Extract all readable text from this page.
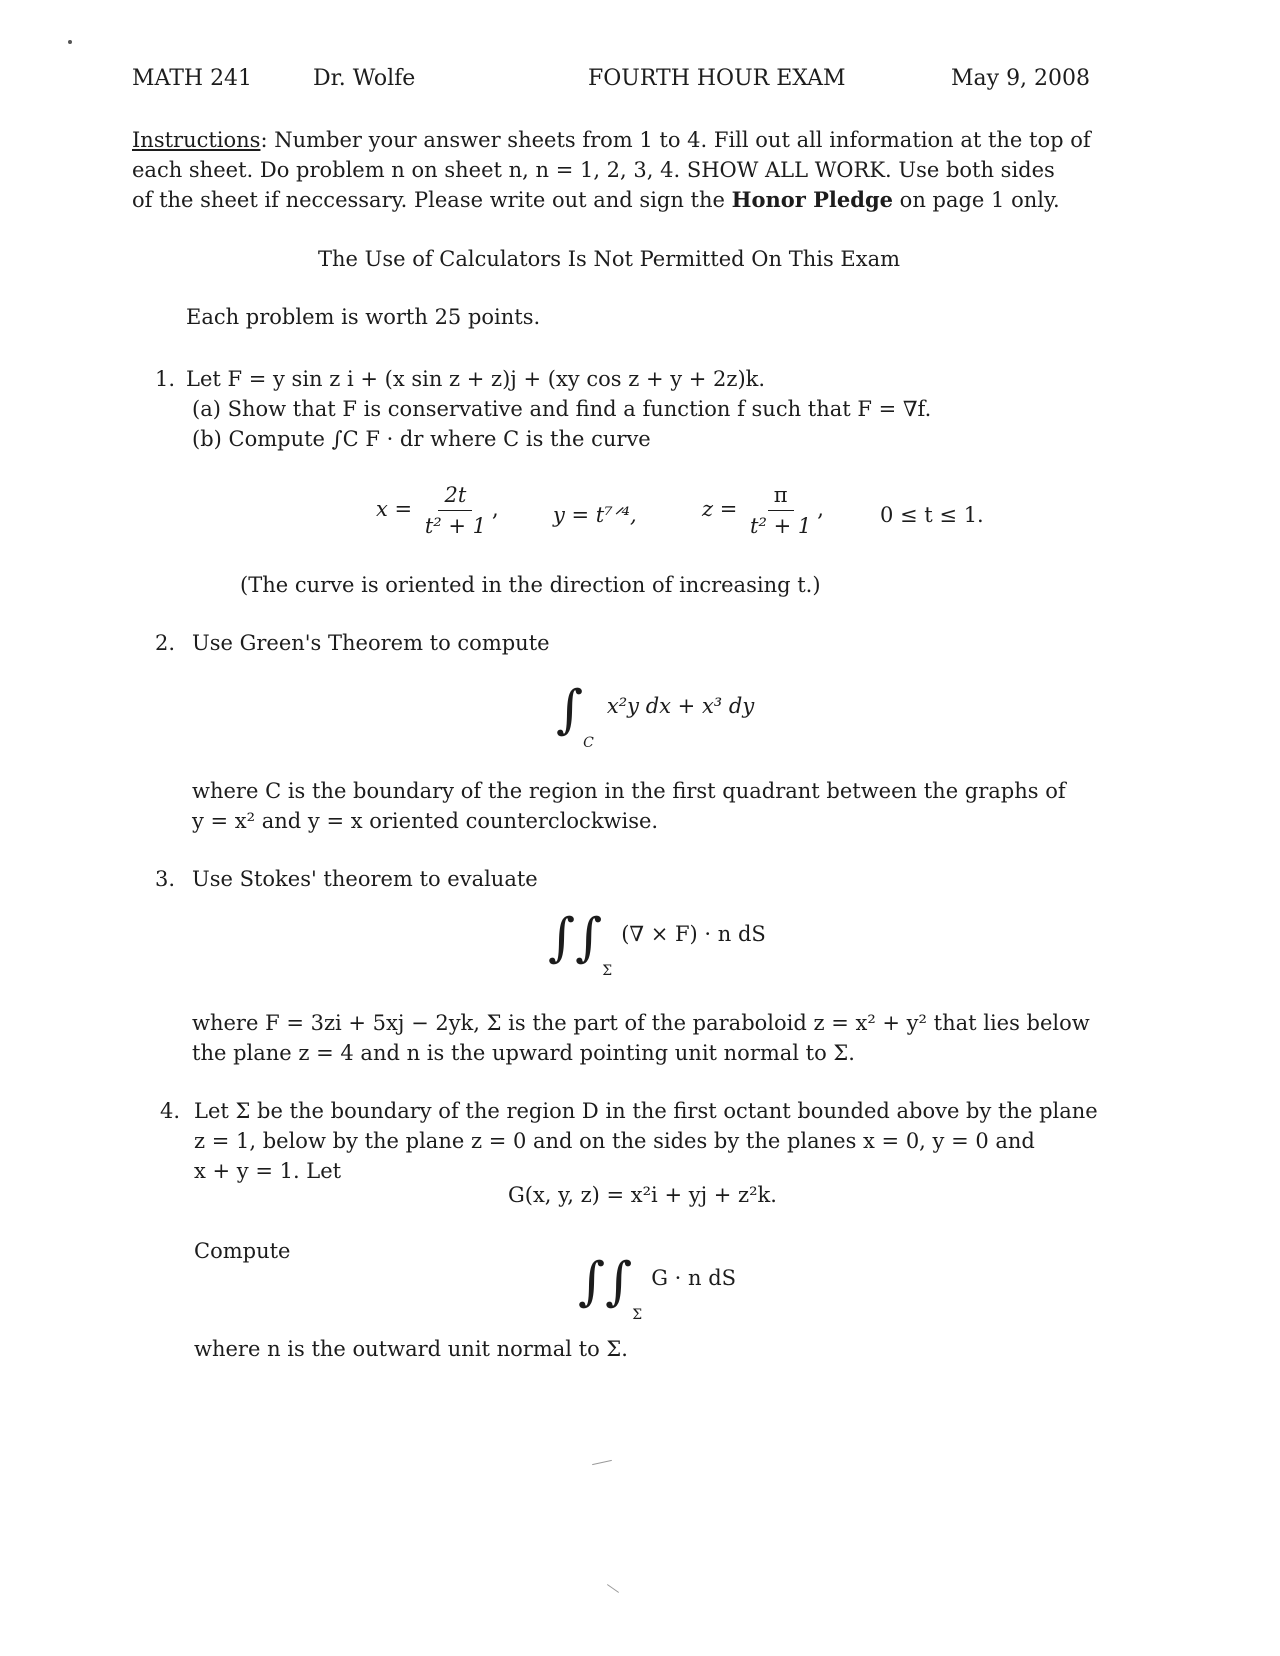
MATH 241	Dr. Wolfe	FOURTH HOUR EXAM	May 9, 2008
Instructions: Number your answer sheets from 1 to 4. Fill out all information at the top of
each sheet. Do problem n on sheet n, n = 1, 2, 3, 4. SHOW ALL WORK. Use both sides
of the sheet if neccessary. Please write out and sign the Honor Pledge on page 1 only.
The Use of Calculators Is Not Permitted On This Exam
Each problem is worth 25 points.
1. Let F = y sin z i + (x sin z + z)j + (xy cos z + y + 2z)k.
(a) Show that F is conservative and find a function f such that F = ∇f.
(b) Compute ∫C F · dr where C is the curve
$x = \frac{2t}{\text{t² + 1}}$ ,	y = t⁷ᐟ⁴,	$z = \frac{\pi}{\text{t² + 1}}$ ,	0 ≤ t ≤ 1.
(The curve is oriented in the direction of increasing t.)
2. Use Green's Theorem to compute
$\int_C$ x²y dx + x³ dy
where C is the boundary of the region in the first quadrant between the graphs of
y = x² and y = x oriented counterclockwise.
3. Use Stokes' theorem to evaluate
$\int\int_\Sigma$ (∇ × F) · n dS
where F = 3zi + 5xj − 2yk, Σ is the part of the paraboloid z = x² + y² that lies below
the plane z = 4 and n is the upward pointing unit normal to Σ.
4. Let Σ be the boundary of the region D in the first octant bounded above by the plane
z = 1, below by the plane z = 0 and on the sides by the planes x = 0, y = 0 and
x + y = 1. Let
G(x, y, z) = x²i + yj + z²k.
Compute
$\int\int_\Sigma$ G · n dS
where n is the outward unit normal to Σ.
